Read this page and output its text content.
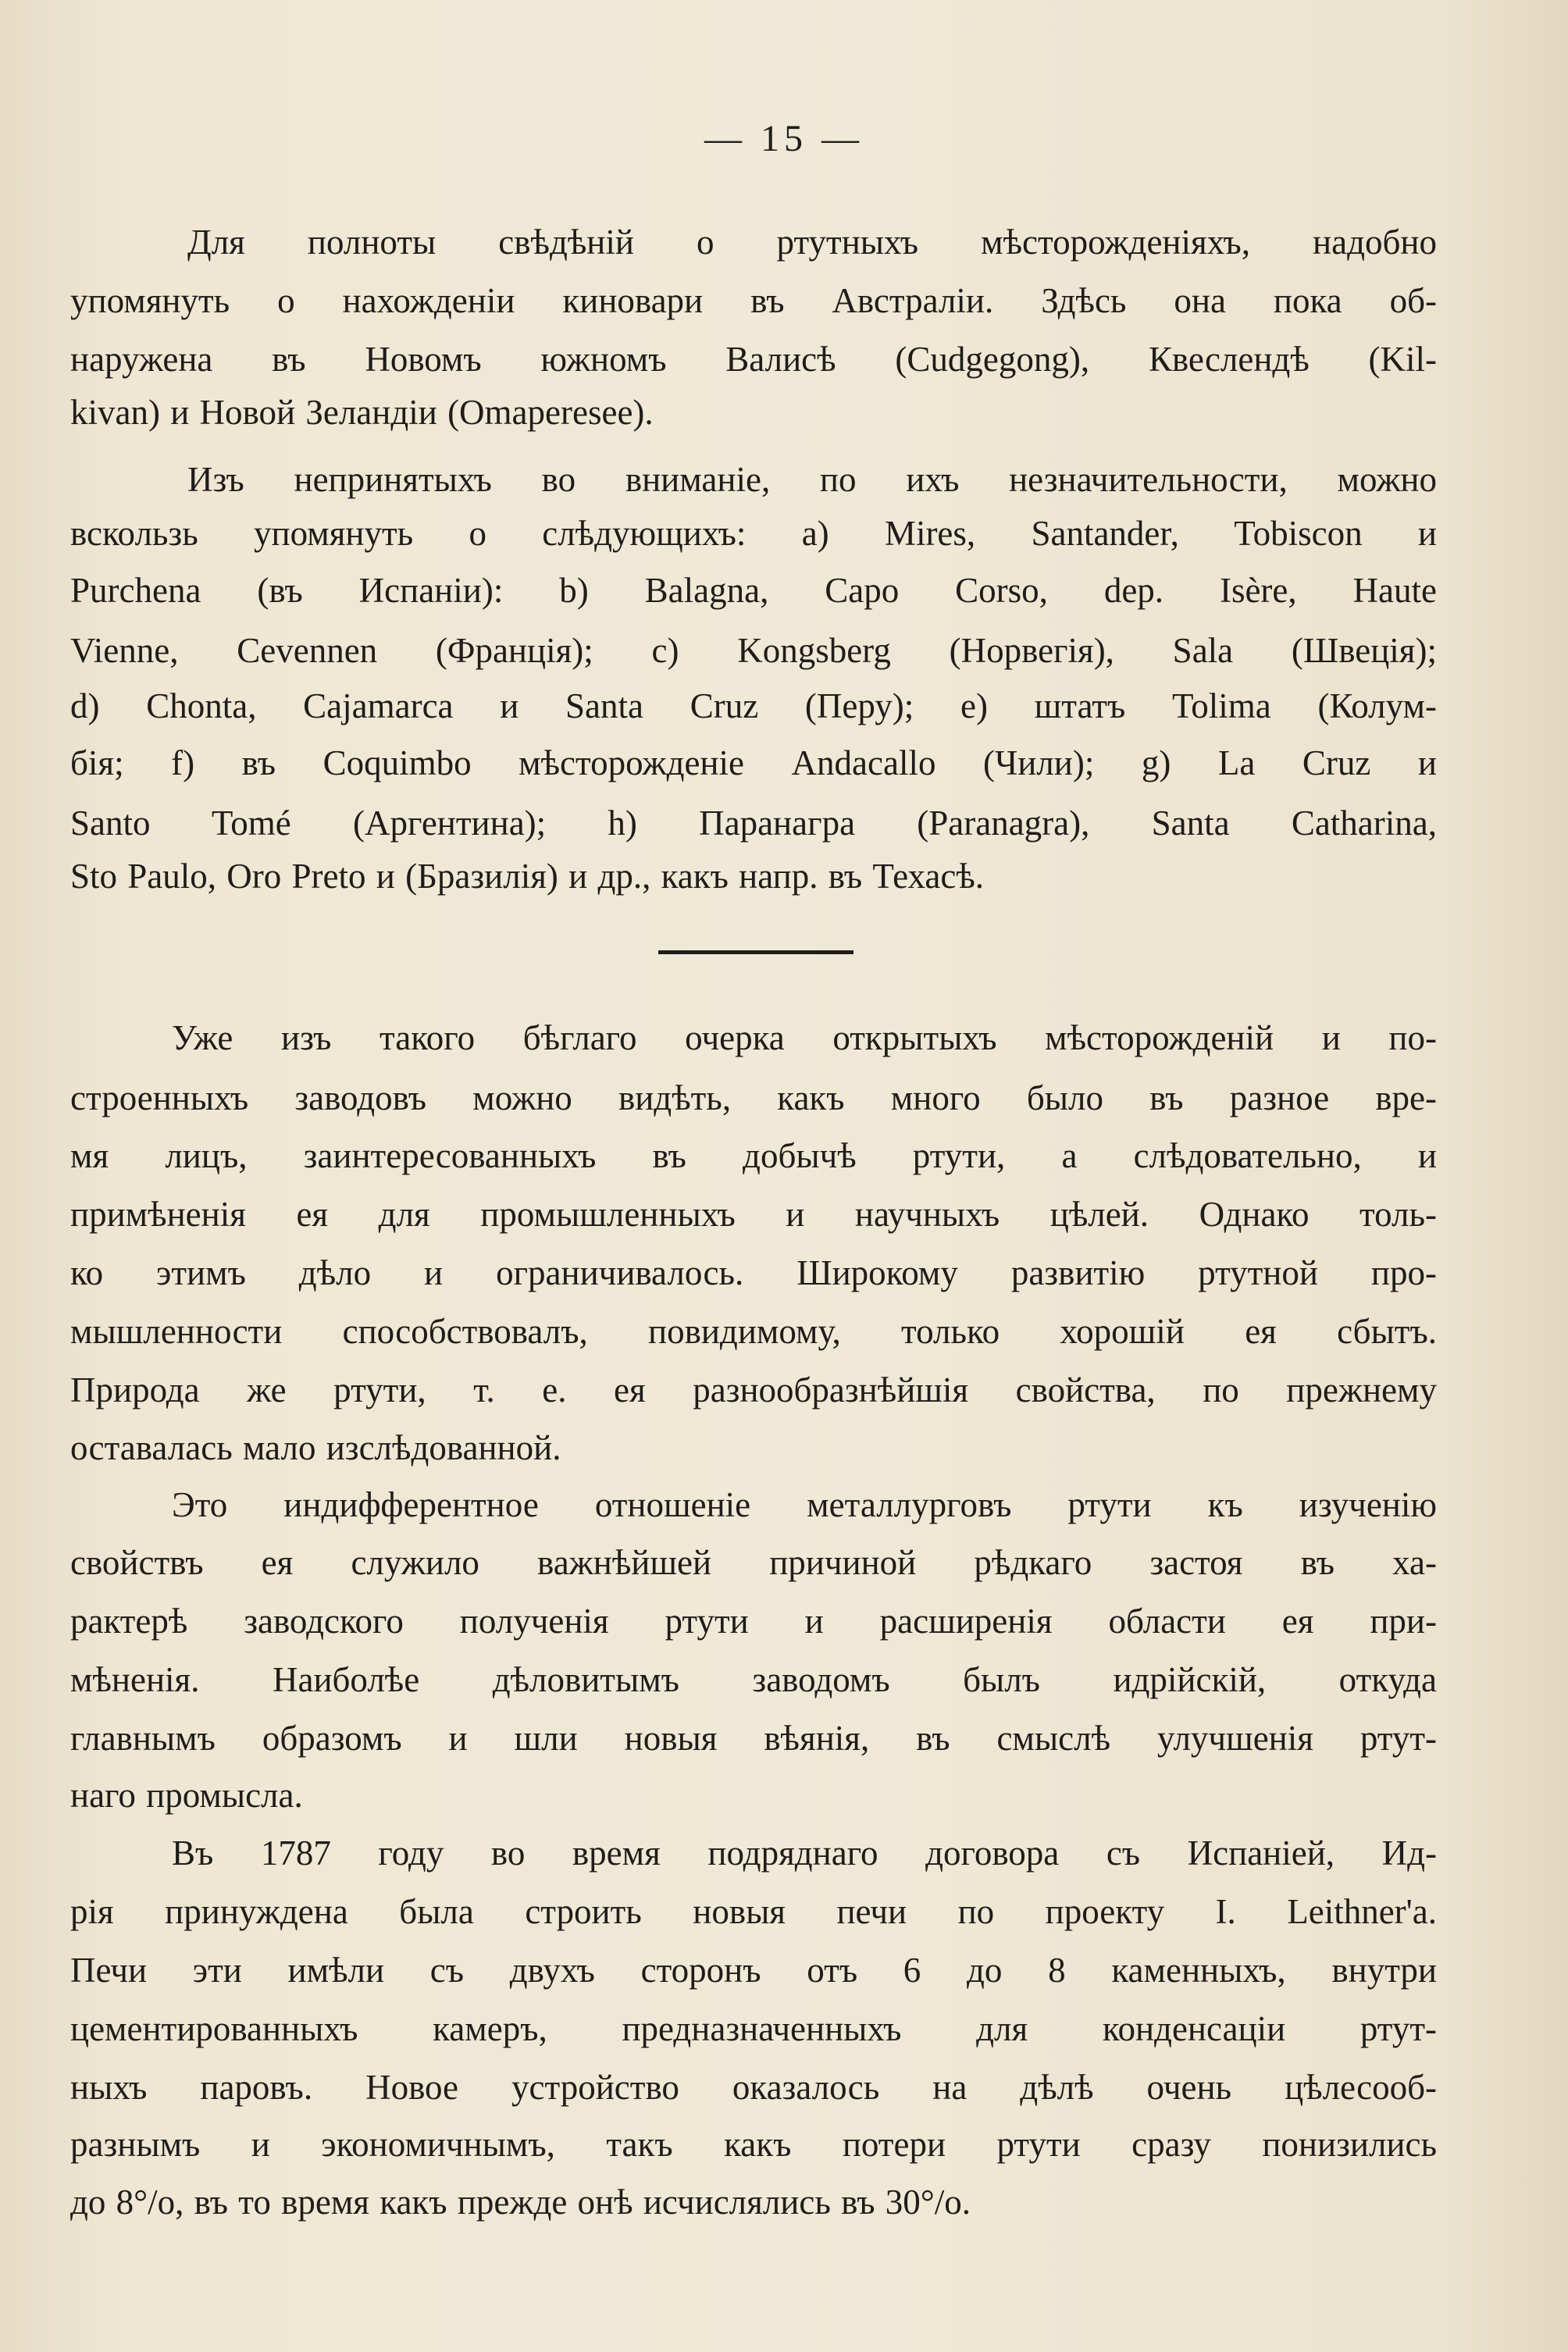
— 15 —
Для полноты свѣдѣній о ртутныхъ мѣсторожденіяхъ, надобно
упомянуть о нахожденіи киновари въ Австраліи. Здѣсь она пока об-
наружена въ Новомъ южномъ Валисѣ (Cudgegong), Квеслендѣ (Kil-
kivan) и Новой Зеландіи (Omaperesee).
Изъ непринятыхъ во вниманіе, по ихъ незначительности, можно
вскользь упомянуть о слѣдующихъ: a) Mires, Santander, Tobiscon и
Purchena (въ Испаніи): b) Balagna, Capo Corso, dep. Isère, Haute
Vienne, Cevennen (Франція); c) Kongsberg (Норвегія), Sala (Швеція);
d) Chonta, Cajamarca и Santa Cruz (Перу); e) штатъ Tolima (Колум-
бія; f) въ Coquimbo мѣсторожденіе Andacallo (Чили); g) La Cruz и
Santo Tomé (Аргентина); h) Паранагра (Paranagra), Santa Catharina,
Sto Paulo, Oro Preto и (Бразилія) и др., какъ напр. въ Техасѣ.
Уже изъ такого бѣглаго очерка открытыхъ мѣсторожденій и по-
строенныхъ заводовъ можно видѣть, какъ много было въ разное вре-
мя лицъ, заинтересованныхъ въ добычѣ ртути, а слѣдовательно, и
примѣненія ея для промышленныхъ и научныхъ цѣлей. Однако толь-
ко этимъ дѣло и ограничивалось. Широкому развитію ртутной про-
мышленности способствовалъ, повидимому, только хорошій ея сбытъ.
Природа же ртути, т. е. ея разнообразнѣйшія свойства, по прежнему
оставалась мало изслѣдованной.
Это индифферентное отношеніе металлурговъ ртути къ изученію
свойствъ ея служило важнѣйшей причиной рѣдкаго застоя въ ха-
рактерѣ заводского полученія ртути и расширенія области ея при-
мѣненія. Наиболѣе дѣловитымъ заводомъ былъ идрійскій, откуда
главнымъ образомъ и шли новыя вѣянія, въ смыслѣ улучшенія ртут-
наго промысла.
Въ 1787 году во время подряднаго договора съ Испаніей, Ид-
рія принуждена была строить новыя печи по проекту I. Leithner'a.
Печи эти имѣли съ двухъ сторонъ отъ 6 до 8 каменныхъ, внутри
цементированныхъ камеръ, предназначенныхъ для конденсаціи ртут-
ныхъ паровъ. Новое устройство оказалось на дѣлѣ очень цѣлесооб-
разнымъ и экономичнымъ, такъ какъ потери ртути сразу понизились
до 8°/о, въ то время какъ прежде онѣ исчислялись въ 30°/о.
